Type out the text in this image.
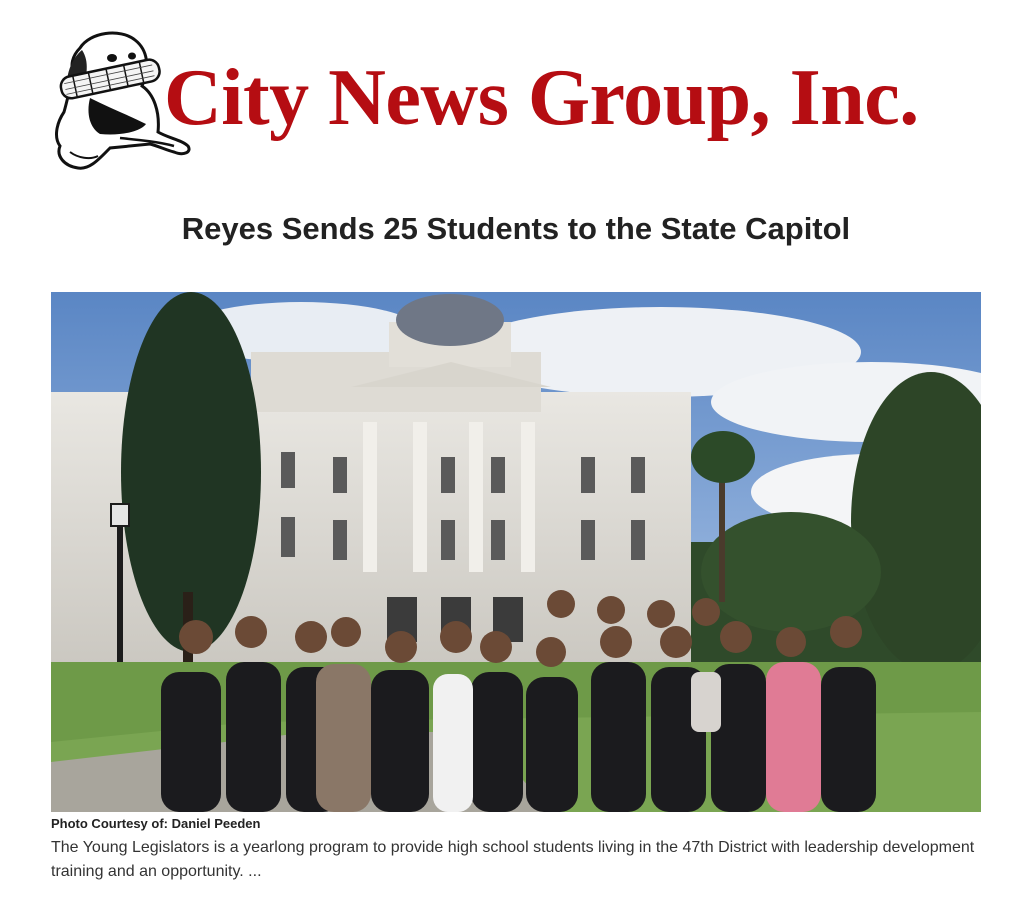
City News Group, Inc.
Reyes Sends 25 Students to the State Capitol

Photo Courtesy of: Daniel Peeden

The Young Legislators is a yearlong program to provide high school students living in the 47th District with leadership development training and an opportunity. ...
